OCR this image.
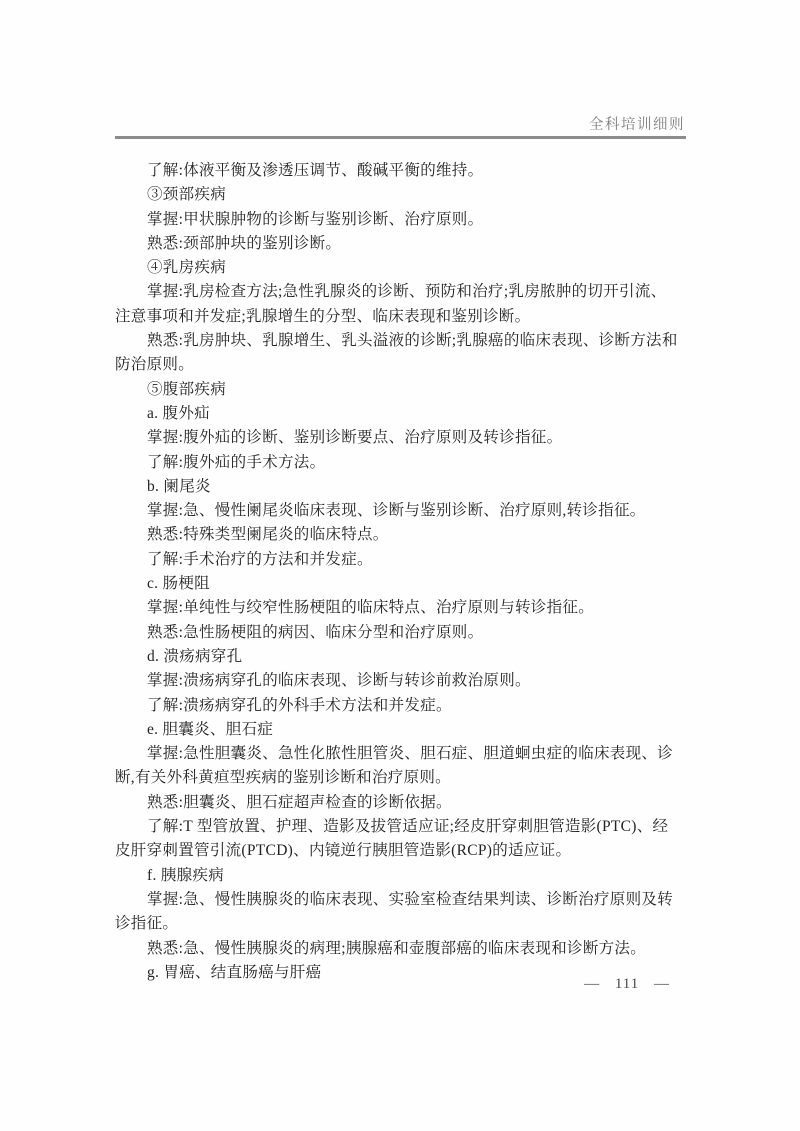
全科培训细则
了解:体液平衡及渗透压调节、酸碱平衡的维持。
③颈部疾病
掌握:甲状腺肿物的诊断与鉴别诊断、治疗原则。
熟悉:颈部肿块的鉴别诊断。
④乳房疾病
掌握:乳房检查方法;急性乳腺炎的诊断、预防和治疗;乳房脓肿的切开引流、
注意事项和并发症;乳腺增生的分型、临床表现和鉴别诊断。
熟悉:乳房肿块、乳腺增生、乳头溢液的诊断;乳腺癌的临床表现、诊断方法和
防治原则。
⑤腹部疾病
a. 腹外疝
掌握:腹外疝的诊断、鉴别诊断要点、治疗原则及转诊指征。
了解:腹外疝的手术方法。
b. 阑尾炎
掌握:急、慢性阑尾炎临床表现、诊断与鉴别诊断、治疗原则,转诊指征。
熟悉:特殊类型阑尾炎的临床特点。
了解:手术治疗的方法和并发症。
c. 肠梗阻
掌握:单纯性与绞窄性肠梗阻的临床特点、治疗原则与转诊指征。
熟悉:急性肠梗阻的病因、临床分型和治疗原则。
d. 溃疡病穿孔
掌握:溃疡病穿孔的临床表现、诊断与转诊前救治原则。
了解:溃疡病穿孔的外科手术方法和并发症。
e. 胆囊炎、胆石症
掌握:急性胆囊炎、急性化脓性胆管炎、胆石症、胆道蛔虫症的临床表现、诊
断,有关外科黄疸型疾病的鉴别诊断和治疗原则。
熟悉:胆囊炎、胆石症超声检查的诊断依据。
了解:T 型管放置、护理、造影及拔管适应证;经皮肝穿刺胆管造影(PTC)、经
皮肝穿刺置管引流(PTCD)、内镜逆行胰胆管造影(RCP)的适应证。
f. 胰腺疾病
掌握:急、慢性胰腺炎的临床表现、实验室检查结果判读、诊断治疗原则及转
诊指征。
熟悉:急、慢性胰腺炎的病理;胰腺癌和壶腹部癌的临床表现和诊断方法。
g. 胃癌、结直肠癌与肝癌
— 111 —
